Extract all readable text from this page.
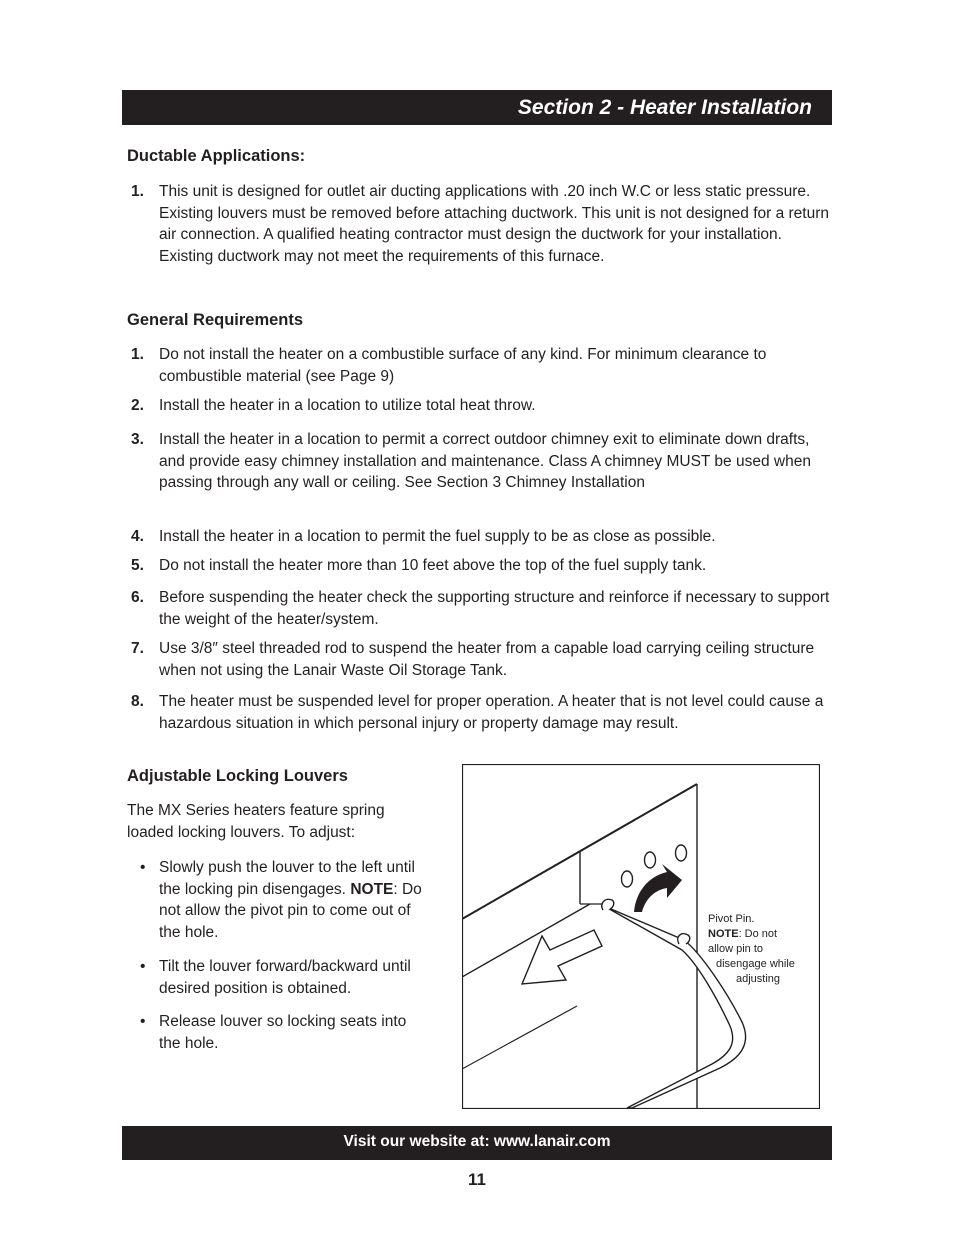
Section 2 - Heater Installation
Ductable Applications:
1. This unit is designed for outlet air ducting applications with .20 inch W.C or less static pressure. Existing louvers must be removed before attaching ductwork. This unit is not designed for a return air connection. A qualified heating contractor must design the ductwork for your installation. Existing ductwork may not meet the requirements of this furnace.
General Requirements
1. Do not install the heater on a combustible surface of any kind. For minimum clearance to combustible material (see Page 9)
2. Install the heater in a location to utilize total heat throw.
3. Install the heater in a location to permit a correct outdoor chimney exit to eliminate down drafts, and provide easy chimney installation and maintenance. Class A chimney MUST be used when passing through any wall or ceiling. See Section 3 Chimney Installation
4. Install the heater in a location to permit the fuel supply to be as close as possible.
5. Do not install the heater more than 10 feet above the top of the fuel supply tank.
6. Before suspending the heater check the supporting structure and reinforce if necessary to support the weight of the heater/system.
7. Use 3/8″ steel threaded rod to suspend the heater from a capable load carrying ceiling structure when not using the Lanair Waste Oil Storage Tank.
8. The heater must be suspended level for proper operation. A heater that is not level could cause a hazardous situation in which personal injury or property damage may result.
Adjustable Locking Louvers
The MX Series heaters feature spring loaded locking louvers. To adjust:
• Slowly push the louver to the left until the locking pin disengages. NOTE: Do not allow the pivot pin to come out of the hole.
• Tilt the louver forward/backward until desired position is obtained.
• Release louver so locking seats into the hole.
Pivot Pin.
NOTE: Do not
allow pin to
disengage while
adjusting
Visit our website at: www.lanair.com
11
